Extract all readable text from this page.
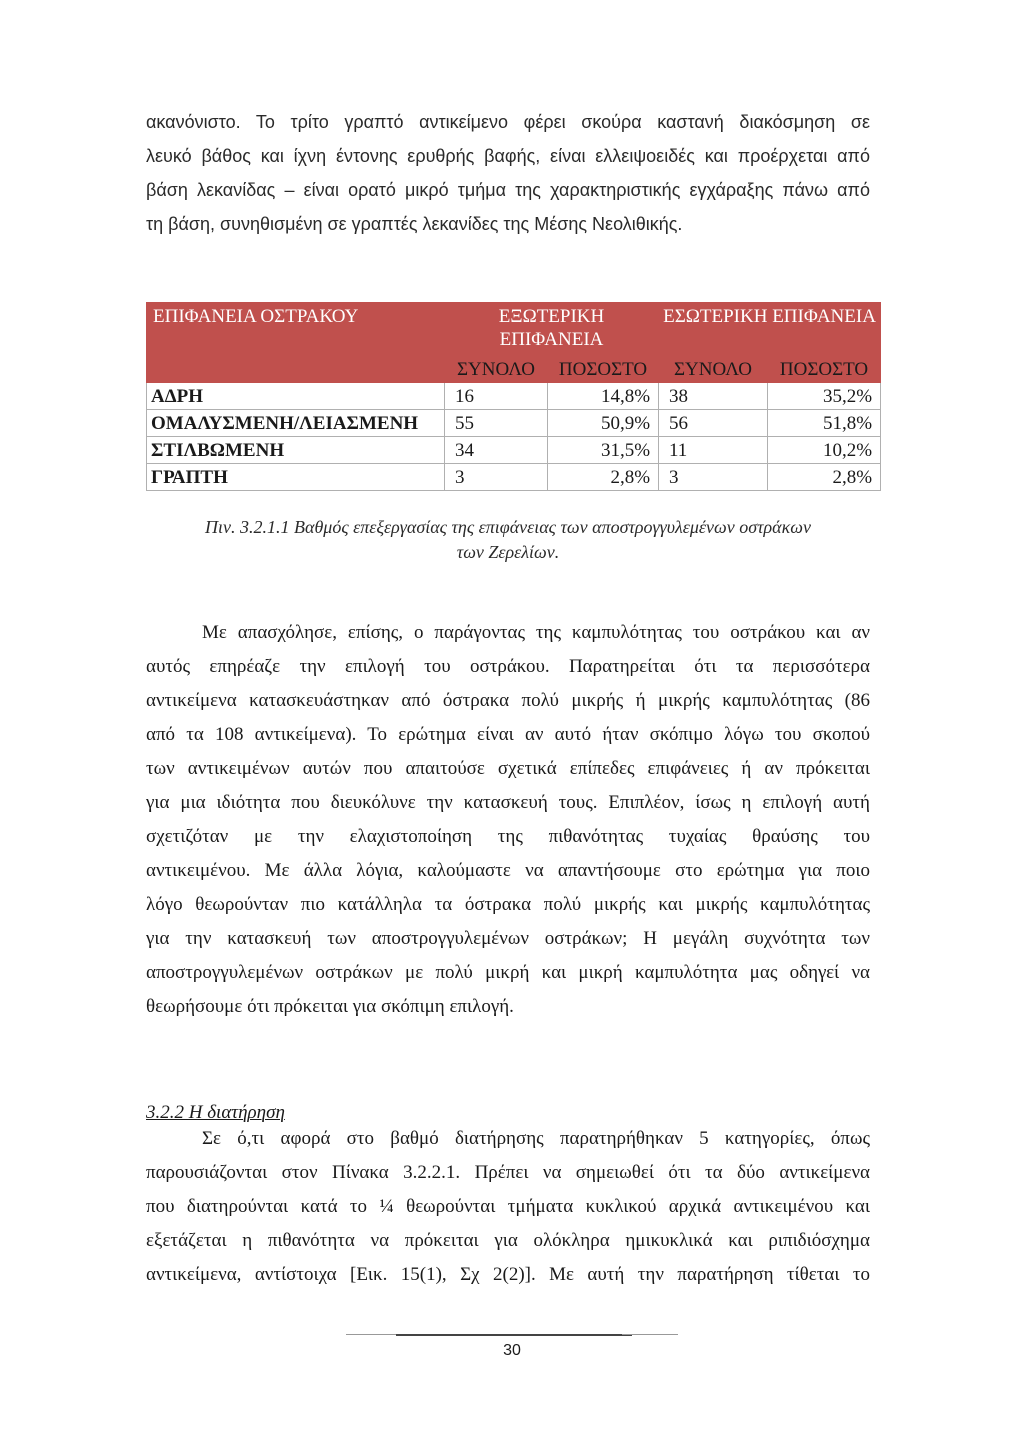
ακανόνιστο. Το τρίτο γραπτό αντικείμενο φέρει σκούρα καστανή διακόσμηση σε
λευκό βάθος και ίχνη έντονης ερυθρής βαφής, είναι ελλειψοειδές και προέρχεται από
βάση λεκανίδας – είναι ορατό μικρό τμήμα της χαρακτηριστικής εγχάραξης πάνω από
τη βάση, συνηθισμένη σε γραπτές λεκανίδες της Μέσης Νεολιθικής.
ΕΠΙΦΑΝΕΙΑ ΟΣΤΡΑΚΟΥ	ΕΞΩΤΕΡΙΚΗ ΕΠΙΦΑΝΕΙΑ		ΕΣΩΤΕΡΙΚΗ ΕΠΙΦΑΝΕΙΑ	
	ΣΥΝΟΛΟ	ΠΟΣΟΣΤΟ	ΣΥΝΟΛΟ	ΠΟΣΟΣΤΟ
ΑΔΡΗ	16	14,8%	38	35,2%
ΟΜΑΛΥΣΜΕΝΗ/ΛΕΙΑΣΜΕΝΗ	55	50,9%	56	51,8%
ΣΤΙΛΒΩΜΕΝΗ	34	31,5%	11	10,2%
ΓΡΑΠΤΗ	3	2,8%	3	2,8%
Πιν. 3.2.1.1 Βαθμός επεξεργασίας της επιφάνειας των αποστρογγυλεμένων οστράκων
των Ζερελίων.
Με απασχόλησε, επίσης, ο παράγοντας της καμπυλότητας του οστράκου και αν
αυτός επηρέαζε την επιλογή του οστράκου. Παρατηρείται ότι τα περισσότερα
αντικείμενα κατασκευάστηκαν από όστρακα πολύ μικρής ή μικρής καμπυλότητας (86
από τα 108 αντικείμενα). Το ερώτημα είναι αν αυτό ήταν σκόπιμο λόγω του σκοπού
των αντικειμένων αυτών που απαιτούσε σχετικά επίπεδες επιφάνειες ή αν πρόκειται
για μια ιδιότητα που διευκόλυνε την κατασκευή τους. Επιπλέον, ίσως η επιλογή αυτή
σχετιζόταν με την ελαχιστοποίηση της πιθανότητας τυχαίας θραύσης του
αντικειμένου. Με άλλα λόγια, καλούμαστε να απαντήσουμε στο ερώτημα για ποιο
λόγο θεωρούνταν πιο κατάλληλα τα όστρακα πολύ μικρής και μικρής καμπυλότητας
για την κατασκευή των αποστρογγυλεμένων οστράκων; Η μεγάλη συχνότητα των
αποστρογγυλεμένων οστράκων με πολύ μικρή και μικρή καμπυλότητα μας οδηγεί να
θεωρήσουμε ότι πρόκειται για σκόπιμη επιλογή.
3.2.2 Η διατήρηση
Σε ό,τι αφορά στο βαθμό διατήρησης παρατηρήθηκαν 5 κατηγορίες, όπως
παρουσιάζονται στον Πίνακα 3.2.2.1. Πρέπει να σημειωθεί ότι τα δύο αντικείμενα
που διατηρούνται κατά το ¼ θεωρούνται τμήματα κυκλικού αρχικά αντικειμένου και
εξετάζεται η πιθανότητα να πρόκειται για ολόκληρα ημικυκλικά και ριπιδιόσχημα
αντικείμενα, αντίστοιχα [Εικ. 15(1), Σχ 2(2)]. Με αυτή την παρατήρηση τίθεται το
30
